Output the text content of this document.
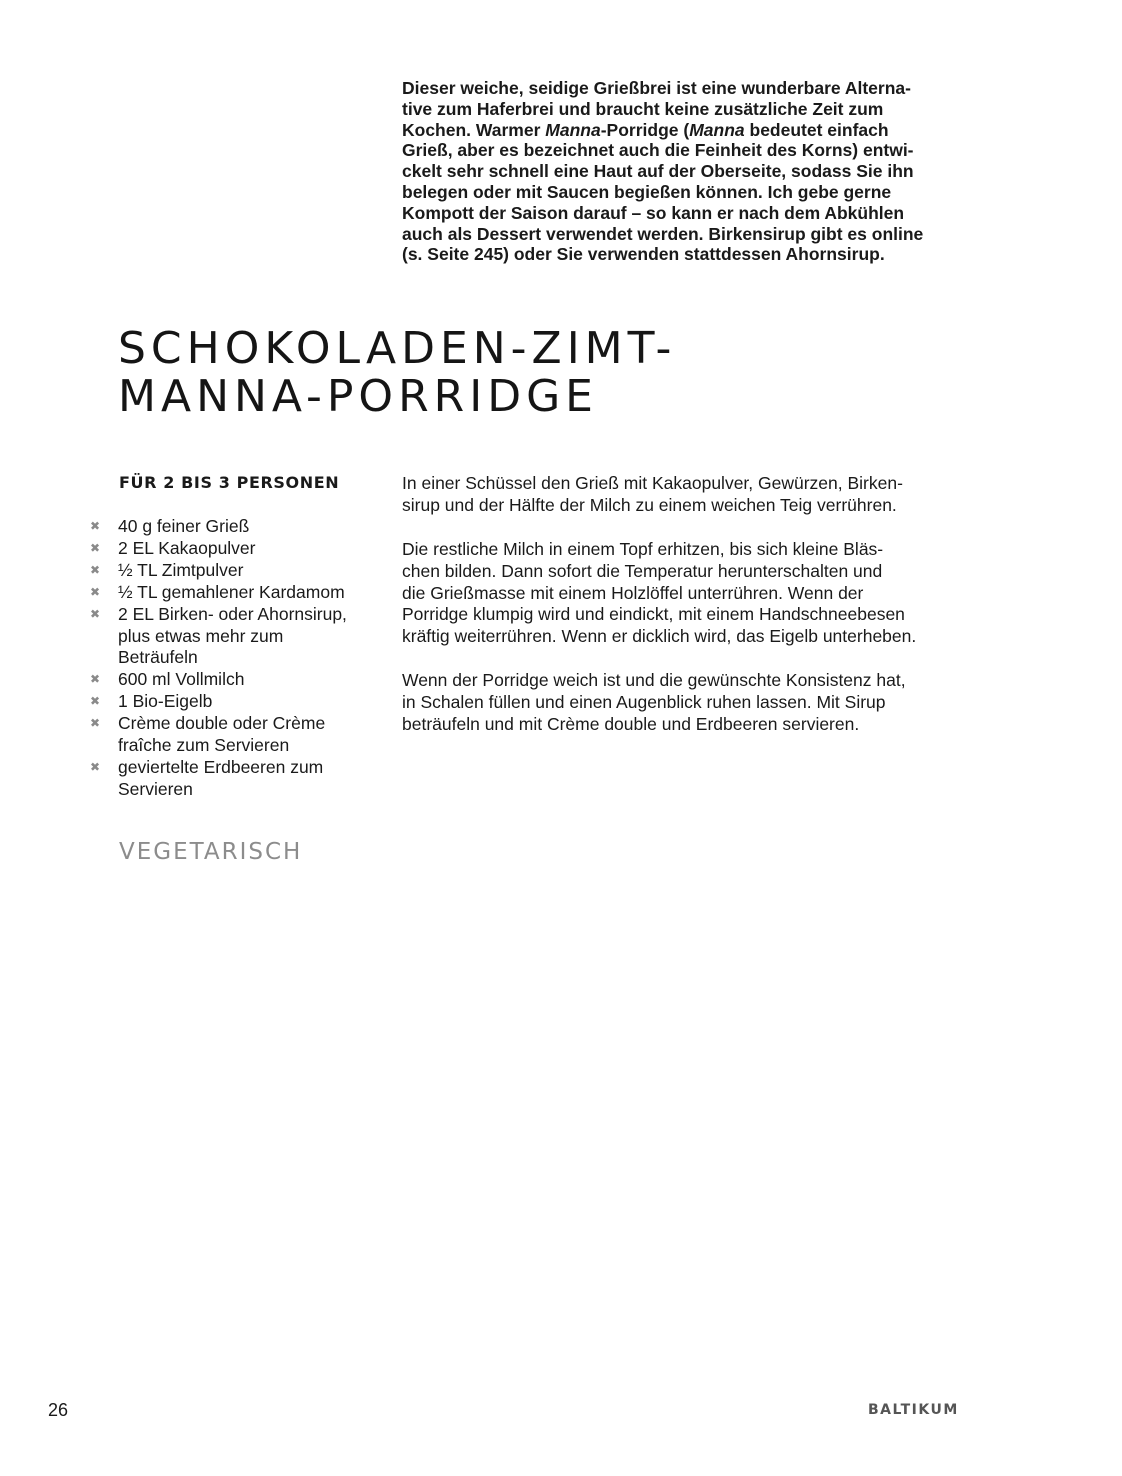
Dieser weiche, seidige Grießbrei ist eine wunderbare Alterna-
tive zum Haferbrei und braucht keine zusätzliche Zeit zum
Kochen. Warmer Manna-Porridge (Manna bedeutet einfach
Grieß, aber es bezeichnet auch die Feinheit des Korns) entwi-
ckelt sehr schnell eine Haut auf der Oberseite, sodass Sie ihn
belegen oder mit Saucen begießen können. Ich gebe gerne
Kompott der Saison darauf – so kann er nach dem Abkühlen
auch als Dessert verwendet werden. Birkensirup gibt es online
(s. Seite 245) oder Sie verwenden stattdessen Ahornsirup.
SCHOKOLADEN-ZIMT-
MANNA-PORRIDGE
FÜR 2 BIS 3 PERSONEN
✖ 40 g feiner Grieß
✖ 2 EL Kakaopulver
✖ ½ TL Zimtpulver
✖ ½ TL gemahlener Kardamom
✖ 2 EL Birken- oder Ahornsirup,
plus etwas mehr zum
Beträufeln
✖ 600 ml Vollmilch
✖ 1 Bio-Eigelb
✖ Crème double oder Crème
fraîche zum Servieren
✖ geviertelte Erdbeeren zum
Servieren
VEGETARISCH

In einer Schüssel den Grieß mit Kakaopulver, Gewürzen, Birken-
sirup und der Hälfte der Milch zu einem weichen Teig verrühren.

Die restliche Milch in einem Topf erhitzen, bis sich kleine Bläs-
chen bilden. Dann sofort die Temperatur herunterschalten und
die Grießmasse mit einem Holzlöffel unterrühren. Wenn der
Porridge klumpig wird und eindickt, mit einem Handschneebesen
kräftig weiterrühren. Wenn er dicklich wird, das Eigelb unterheben.

Wenn der Porridge weich ist und die gewünschte Konsistenz hat,
in Schalen füllen und einen Augenblick ruhen lassen. Mit Sirup
beträufeln und mit Crème double und Erdbeeren servieren.

26	BALTIKUM
